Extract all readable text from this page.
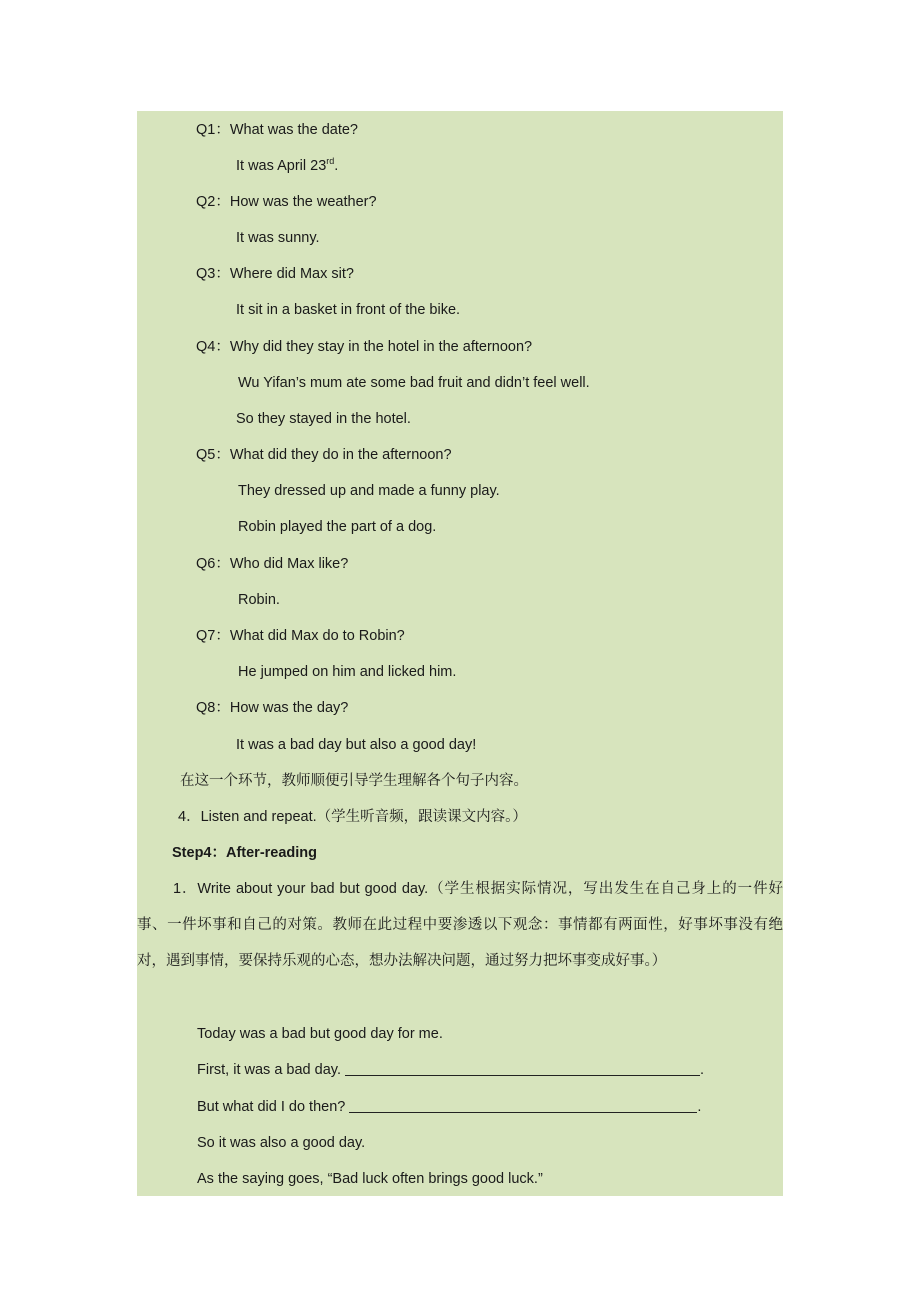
Q1：What was the date?
It was April 23rd.
Q2：How was the weather?
It was sunny.
Q3：Where did Max sit?
It sit in a basket in front of the bike.
Q4：Why did they stay in the hotel in the afternoon?
Wu Yifan’s mum ate some bad fruit and didn’t feel well.
So they stayed in the hotel.
Q5：What did they do in the afternoon?
They dressed up and made a funny play.
Robin played the part of a dog.
Q6：Who did Max like?
Robin.
Q7：What did Max do to Robin?
He jumped on him and licked him.
Q8：How was the day?
It was a bad day but also a good day!
在这一个环节，教师顺便引导学生理解各个句子内容。
4．Listen and repeat.（学生听音频，跟读课文内容。）
Step4：After-reading
1．Write about your bad but good day.（学生根据实际情况，写出发生在自己身上的一件好事、一件坏事和自己的对策。教师在此过程中要渗透以下观念：事情都有两面性，好事坏事没有绝对，遇到事情，要保持乐观的心态，想办法解决问题，通过努力把坏事变成好事。）
Today was a bad but good day for me.
First, it was a bad day.	.
But what did I do then?	.
So it was also a good day.
As the saying goes, “Bad luck often brings good luck.”
